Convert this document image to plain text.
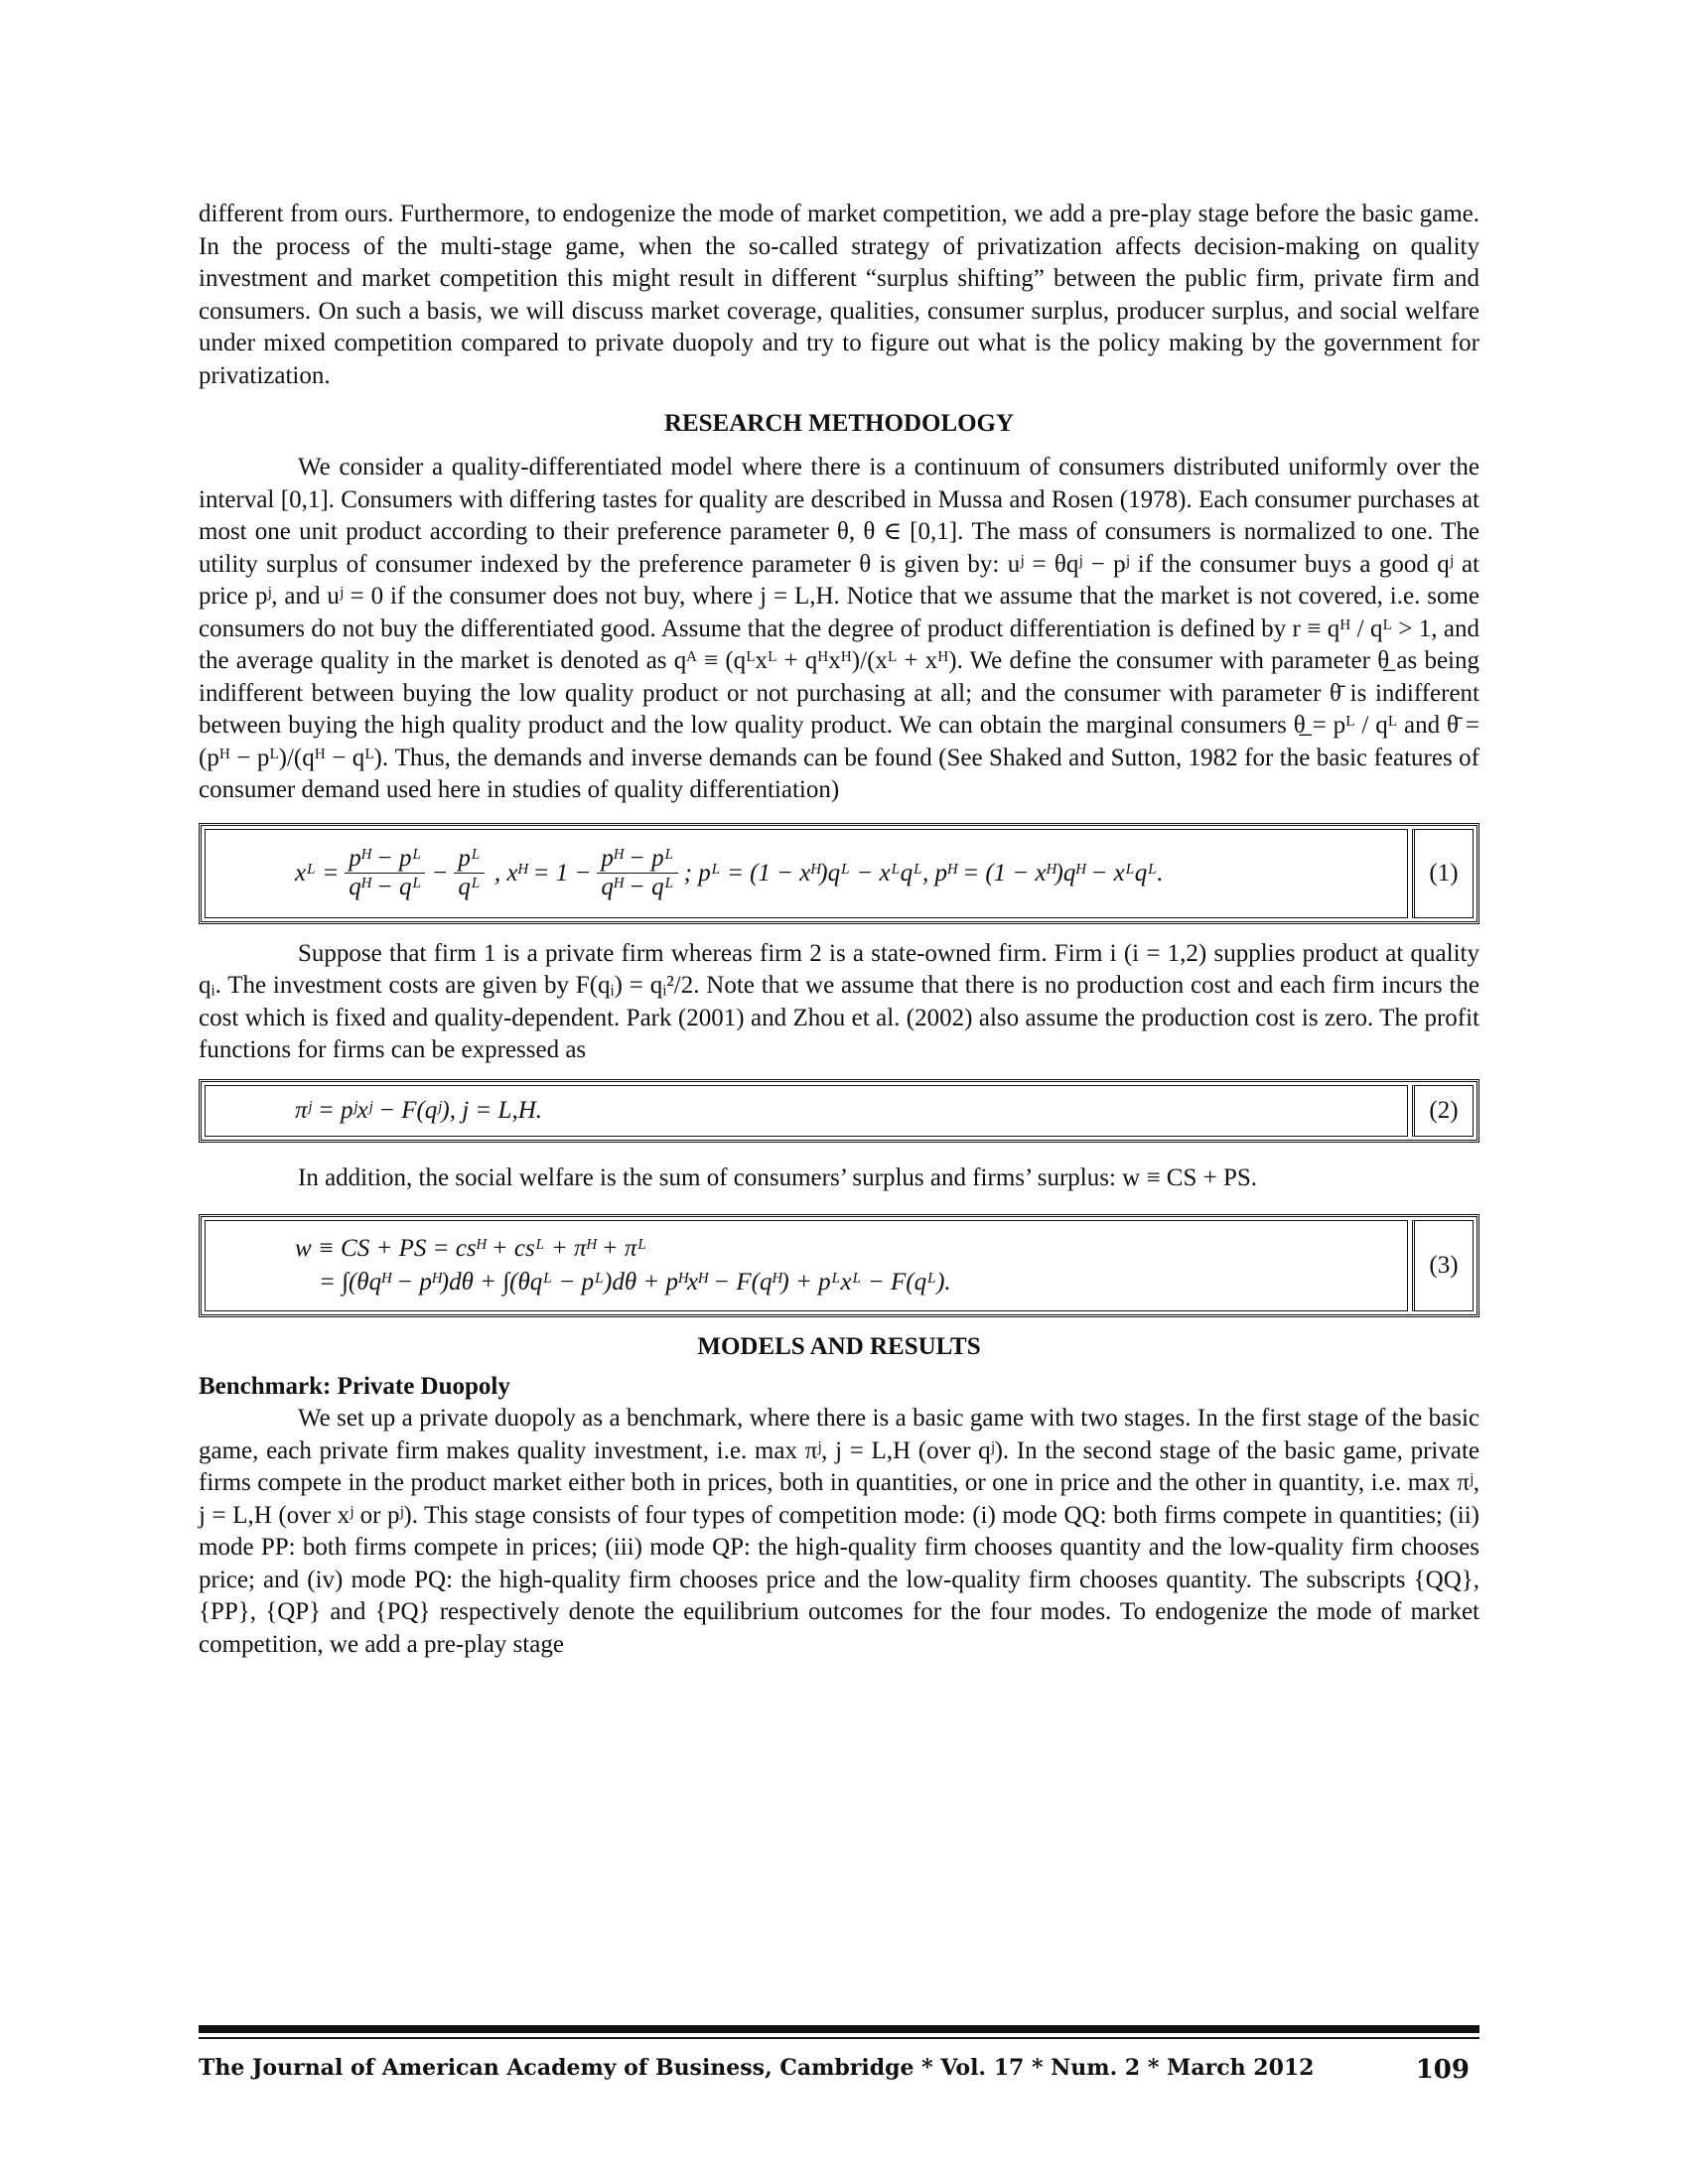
different from ours. Furthermore, to endogenize the mode of market competition, we add a pre-play stage before the basic game. In the process of the multi-stage game, when the so-called strategy of privatization affects decision-making on quality investment and market competition this might result in different “surplus shifting” between the public firm, private firm and consumers. On such a basis, we will discuss market coverage, qualities, consumer surplus, producer surplus, and social welfare under mixed competition compared to private duopoly and try to figure out what is the policy making by the government for privatization.

RESEARCH METHODOLOGY

We consider a quality-differentiated model where there is a continuum of consumers distributed uniformly over the interval [0,1]. Consumers with differing tastes for quality are described in Mussa and Rosen (1978). Each consumer purchases at most one unit product according to their preference parameter θ, θ ∈ [0,1]. The mass of consumers is normalized to one. The utility surplus of consumer indexed by the preference parameter θ is given by: uʲ = θqʲ − pʲ if the consumer buys a good qʲ at price pʲ, and uʲ = 0 if the consumer does not buy, where j = L,H. Notice that we assume that the market is not covered, i.e. some consumers do not buy the differentiated good. Assume that the degree of product differentiation is defined by r ≡ qᴴ / qᴸ > 1, and the average quality in the market is denoted as qᴬ ≡ (qᴸxᴸ + qᴴxᴴ)/(xᴸ + xᴴ). We define the consumer with parameter θ̲ as being indifferent between buying the low quality product or not purchasing at all; and the consumer with parameter θ̄ is indifferent between buying the high quality product and the low quality product. We can obtain the marginal consumers θ̲ = pᴸ / qᴸ and θ̄ = (pᴴ − pᴸ)/(qᴴ − qᴸ). Thus, the demands and inverse demands can be found (See Shaked and Sutton, 1982 for the basic features of consumer demand used here in studies of quality differentiation)

xᴸ = $\frac{\text{pᴴ − pᴸ}}{\text{qᴴ − qᴸ}} - \frac{\text{pᴸ}}{\text{qᴸ}}$ , xᴴ = $1 - \frac{\text{pᴴ − pᴸ}}{\text{qᴴ − qᴸ}}$ ; pᴸ = (1 − xᴴ)qᴸ − xᴸqᴸ, pᴴ = (1 − xᴴ)qᴴ − xᴸqᴸ.	(1)

Suppose that firm 1 is a private firm whereas firm 2 is a state-owned firm. Firm i (i = 1,2) supplies product at quality qᵢ. The investment costs are given by F(qᵢ) = qᵢ²/2. Note that we assume that there is no production cost and each firm incurs the cost which is fixed and quality-dependent. Park (2001) and Zhou et al. (2002) also assume the production cost is zero. The profit functions for firms can be expressed as

πʲ = pʲxʲ − F(qʲ), j = L,H.	(2)

In addition, the social welfare is the sum of consumers’ surplus and firms’ surplus: w ≡ CS + PS.

w ≡ CS + PS = csᴴ + csᴸ + πᴴ + πᴸ
= ∫(θqᴴ − pᴴ)dθ + ∫(θqᴸ − pᴸ)dθ + pᴴxᴴ − F(qᴴ) + pᴸxᴸ − F(qᴸ).
(3)
MODELS AND RESULTS
Benchmark: Private Duopoly

We set up a private duopoly as a benchmark, where there is a basic game with two stages. In the first stage of the basic game, each private firm makes quality investment, i.e. max πʲ, j = L,H (over qʲ). In the second stage of the basic game, private firms compete in the product market either both in prices, both in quantities, or one in price and the other in quantity, i.e. max πʲ, j = L,H (over xʲ or pʲ). This stage consists of four types of competition mode: (i) mode QQ: both firms compete in quantities; (ii) mode PP: both firms compete in prices; (iii) mode QP: the high-quality firm chooses quantity and the low-quality firm chooses price; and (iv) mode PQ: the high-quality firm chooses price and the low-quality firm chooses quantity. The subscripts {QQ}, {PP}, {QP} and {PQ} respectively denote the equilibrium outcomes for the four modes. To endogenize the mode of market competition, we add a pre-play stage

The Journal of American Academy of Business, Cambridge * Vol. 17 * Num. 2 * March 2012	109
